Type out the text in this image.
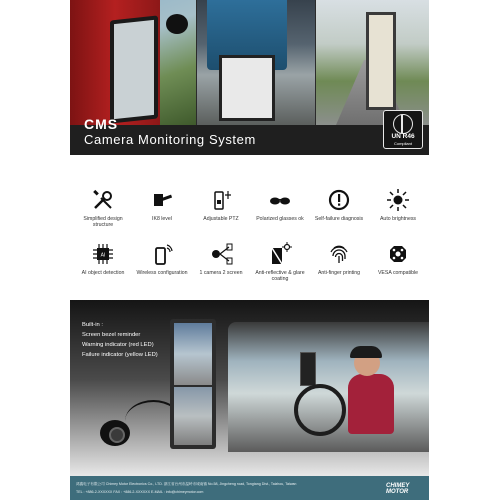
CMS
Camera Monitoring System	UN R46
Compliant
Simplified design structure
IK8 level	Adjustable PTZ	Polarized glasses ok	Self-failure diagnosis	Auto brightness
AI
AI object detection	Wireless configuration	1 camera 2 screen	Anti-reflective & glare coating
Anti-finger printing	VESA compatible
Built-in :
Screen bezel reminder
Warning indicator (red LED)
Failure indicator (yellow LED)
鸿鑫电子有限公司 Chimey Motor Electronics Co., LTD. 浙江省台州市温岭市城南镇 No.58, Jingcheng road, Tongtang Dist., Taizhou, Taiwan
TEL : +886-2-XXXXXX FAX : +886-2-XXXXXX E-MAIL : info@chimeymotor.com
CHIMEY MOTOR
